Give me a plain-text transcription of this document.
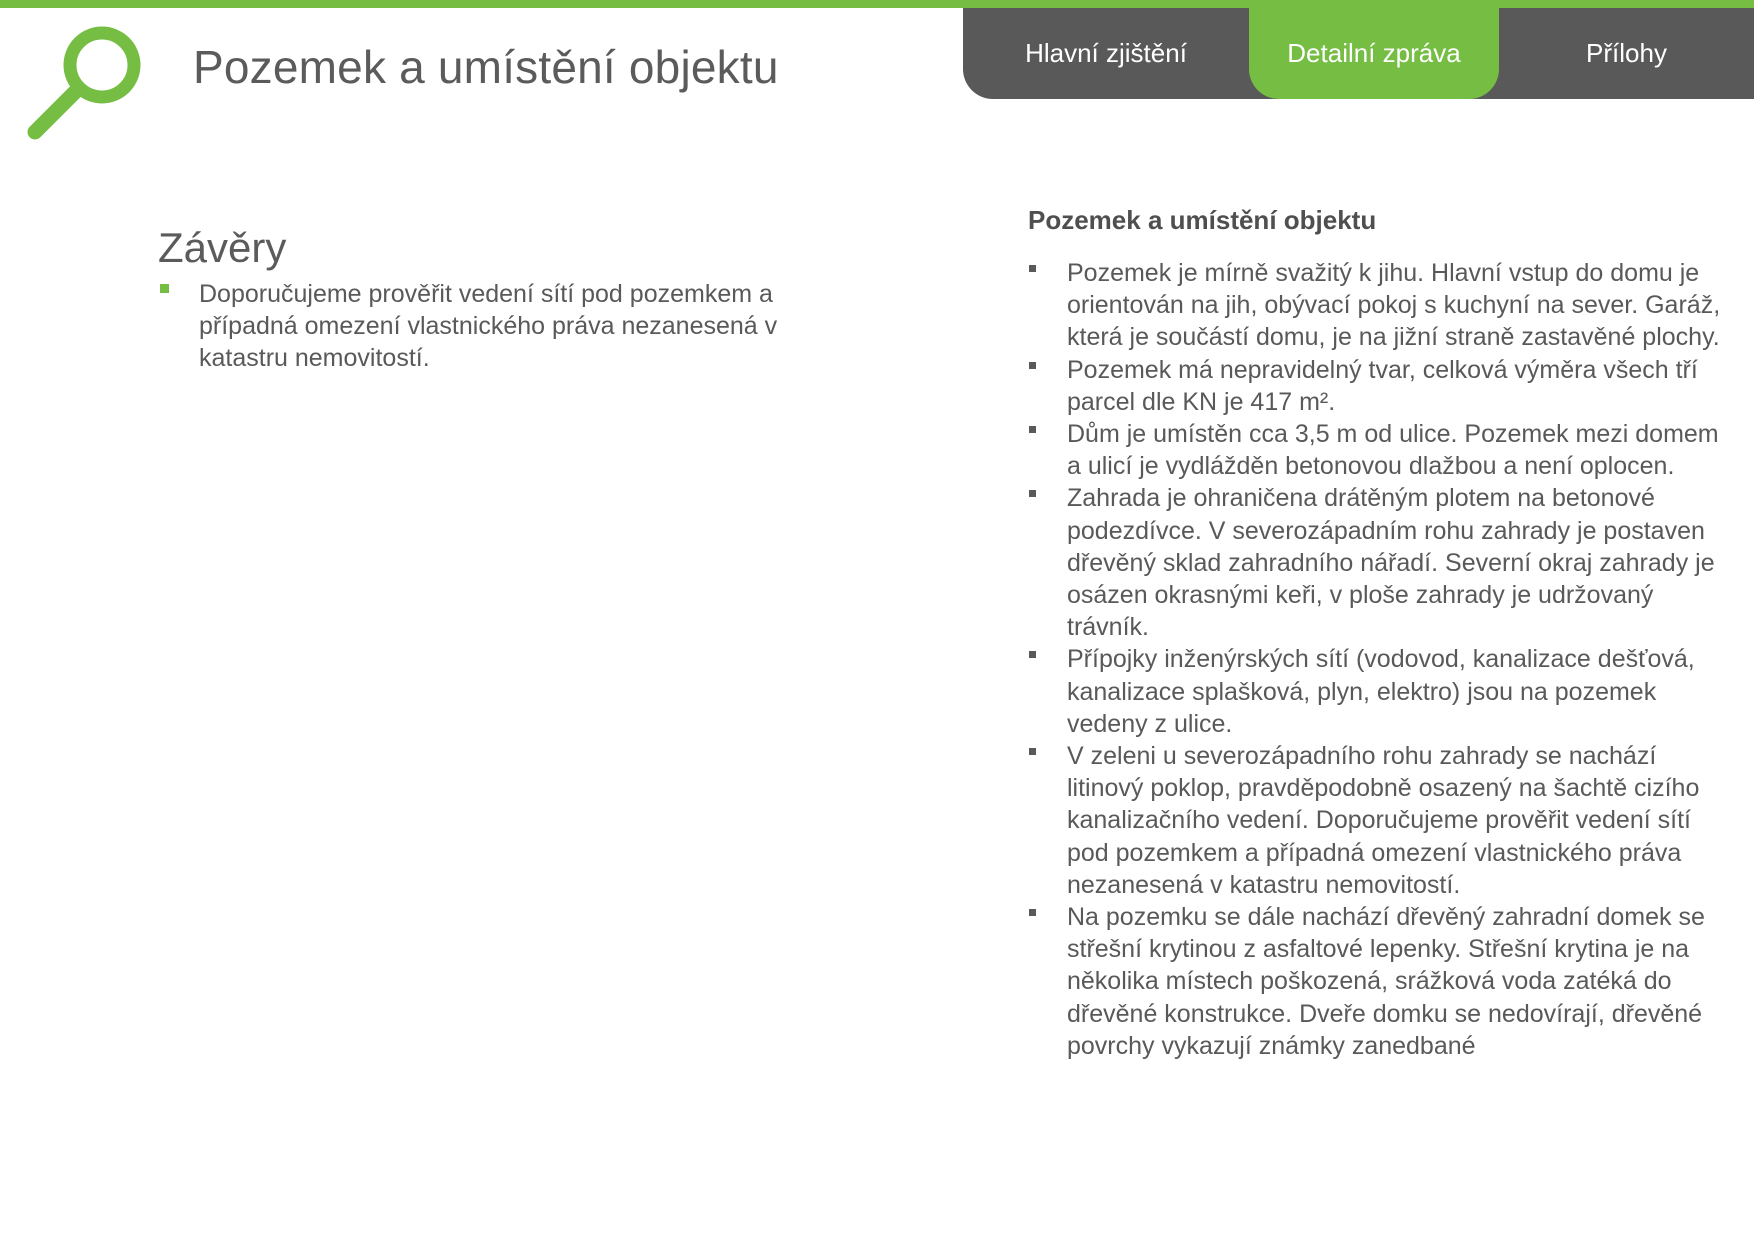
Pozemek a umístění objektu	Hlavní zjištění	Detailní zpráva	Přílohy
Závěry
Doporučujeme prověřit vedení sítí pod pozemkem a případná omezení vlastnického práva nezanesená v katastru nemovitostí.
Pozemek a umístění objektu
Pozemek je mírně svažitý k jihu. Hlavní vstup do domu je orientován na jih, obývací pokoj s kuchyní na sever. Garáž, která je součástí domu, je na jižní straně zastavěné plochy.
Pozemek má nepravidelný tvar, celková výměra všech tří parcel dle KN je 417 m².
Dům je umístěn cca 3,5 m od ulice. Pozemek mezi domem a ulicí je vydlážděn betonovou dlažbou a není oplocen.
Zahrada je ohraničena drátěným plotem na betonové podezdívce. V severozápadním rohu zahrady je postaven dřevěný sklad zahradního nářadí. Severní okraj zahrady je osázen okrasnými keři, v ploše zahrady je udržovaný trávník.
Přípojky inženýrských sítí (vodovod, kanalizace dešťová, kanalizace splašková, plyn, elektro) jsou na pozemek vedeny z ulice.
V zeleni u severozápadního rohu zahrady se nachází litinový poklop, pravděpodobně osazený na šachtě cizího kanalizačního vedení. Doporučujeme prověřit vedení sítí pod pozemkem a případná omezení vlastnického práva nezanesená v katastru nemovitostí.
Na pozemku se dále nachází dřevěný zahradní domek se střešní krytinou z asfaltové lepenky. Střešní krytina je na několika místech poškozená, srážková voda zatéká do dřevěné konstrukce. Dveře domku se nedovírají, dřevěné povrchy vykazují známky zanedbané
